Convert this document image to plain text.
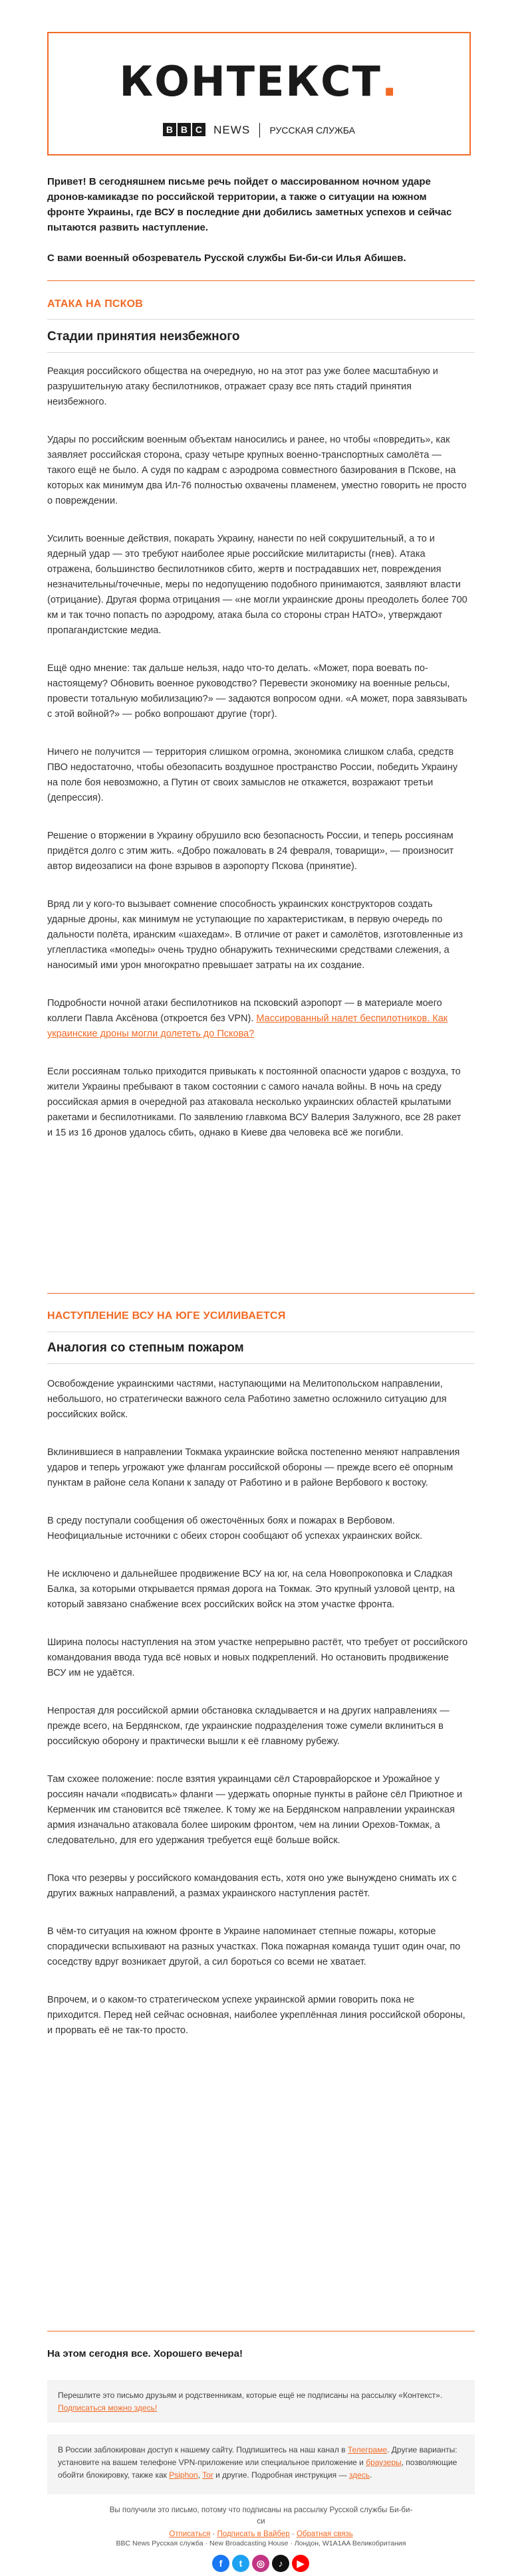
КОНТЕКСТ.
B B C NEWS РУССКАЯ СЛУЖБА

Привет! В сегодняшнем письме речь пойдет о массированном ночном ударе дронов-камикадзе по российской территории, а также о ситуации на южном фронте Украины, где ВСУ в последние дни добились заметных успехов и сейчас пытаются развить наступление.

С вами военный обозреватель Русской службы Би-би-си Илья Абишев.

АТАКА НА ПСКОВ
Стадии принятия неизбежного

Реакция российского общества на очередную, но на этот раз уже более масштабную и разрушительную атаку беспилотников, отражает сразу все пять стадий принятия неизбежного.

Удары по российским военным объектам наносились и ранее, но чтобы «повредить», как заявляет российская сторона, сразу четыре крупных военно-транспортных самолёта — такого ещё не было. А судя по кадрам с аэродрома совместного базирования в Пскове, на которых как минимум два Ил-76 полностью охвачены пламенем, уместно говорить не просто о повреждении.

Усилить военные действия, покарать Украину, нанести по ней сокрушительный, а то и ядерный удар — это требуют наиболее ярые российские милитаристы (гнев). Атака отражена, большинство беспилотников сбито, жертв и пострадавших нет, повреждения незначительны/точечные, меры по недопущению подобного принимаются, заявляют власти (отрицание). Другая форма отрицания — «не могли украинские дроны преодолеть более 700 км и так точно попасть по аэродрому, атака была со стороны стран НАТО», утверждают пропагандистские медиа.

Ещё одно мнение: так дальше нельзя, надо что-то делать. «Может, пора воевать по-настоящему? Обновить военное руководство? Перевести экономику на военные рельсы, провести тотальную мобилизацию?» — задаются вопросом одни. «А может, пора завязывать с этой войной?» — робко вопрошают другие (торг).

Ничего не получится — территория слишком огромна, экономика слишком слаба, средств ПВО недостаточно, чтобы обезопасить воздушное пространство России, победить Украину на поле боя невозможно, а Путин от своих замыслов не откажется, возражают третьи (депрессия).

Решение о вторжении в Украину обрушило всю безопасность России, и теперь россиянам придётся долго с этим жить. «Добро пожаловать в 24 февраля, товарищи», — произносит автор видеозаписи на фоне взрывов в аэропорту Пскова (принятие).

Вряд ли у кого-то вызывает сомнение способность украинских конструкторов создать ударные дроны, как минимум не уступающие по характеристикам, в первую очередь по дальности полёта, иранским «шахедам». В отличие от ракет и самолётов, изготовленные из углепластика «мопеды» очень трудно обнаружить техническими средствами слежения, а наносимый ими урон многократно превышает затраты на их создание.

Подробности ночной атаки беспилотников на псковский аэропорт — в материале моего коллеги Павла Аксёнова (откроется без VPN). Массированный налет беспилотников. Как украинские дроны могли долететь до Пскова?

Если россиянам только приходится привыкать к постоянной опасности ударов с воздуха, то жители Украины пребывают в таком состоянии с самого начала войны. В ночь на среду российская армия в очередной раз атаковала несколько украинских областей крылатыми ракетами и беспилотниками. По заявлению главкома ВСУ Валерия Залужного, все 28 ракет и 15 из 16 дронов удалось сбить, однако в Киеве два человека всё же погибли.

НАСТУПЛЕНИЕ ВСУ НА ЮГЕ УСИЛИВАЕТСЯ
Аналогия со степным пожаром

Освобождение украинскими частями, наступающими на Мелитопольском направлении, небольшого, но стратегически важного села Работино заметно осложнило ситуацию для российских войск.

Вклинившиеся в направлении Токмака украинские войска постепенно меняют направления ударов и теперь угрожают уже флангам российской обороны — прежде всего её опорным пунктам в районе села Копани к западу от Работино и в районе Вербового к востоку.

В среду поступали сообщения об ожесточённых боях и пожарах в Вербовом. Неофициальные источники с обеих сторон сообщают об успехах украинских войск.

Не исключено и дальнейшее продвижение ВСУ на юг, на села Новопрокоповка и Сладкая Балка, за которыми открывается прямая дорога на Токмак. Это крупный узловой центр, на который завязано снабжение всех российских войск на этом участке фронта.

Ширина полосы наступления на этом участке непрерывно растёт, что требует от российского командования ввода туда всё новых и новых подкреплений. Но остановить продвижение ВСУ им не удаётся.

Непростая для российской армии обстановка складывается и на других направлениях — прежде всего, на Бердянском, где украинские подразделения тоже сумели вклиниться в российскую оборону и практически вышли к её главному рубежу.

Там схожее положение: после взятия украинцами сёл Староврайорское и Урожайное у россиян начали «подвисать» фланги — удержать опорные пункты в районе сёл Приютное и Керменчик им становится всё тяжелее. К тому же на Бердянском направлении украинская армия изначально атаковала более широким фронтом, чем на линии Орехов-Токмак, а следовательно, для его удержания требуется ещё больше войск.

Пока что резервы у российского командования есть, хотя оно уже вынуждено снимать их с других важных направлений, а размах украинского наступления растёт.

В чём-то ситуация на южном фронте в Украине напоминает степные пожары, которые спорадически вспыхивают на разных участках. Пока пожарная команда тушит один очаг, по соседству вдруг возникает другой, а сил бороться со всеми не хватает.

Впрочем, и о каком-то стратегическом успехе украинской армии говорить пока не приходится. Перед ней сейчас основная, наиболее укреплённая линия российской обороны, и прорвать её не так-то просто.

На этом сегодня все. Хорошего вечера!
Перешлите это письмо друзьям и родственникам, которые ещё не подписаны на рассылку «Контекст». Подписаться можно здесь!
В России заблокирован доступ к нашему сайту. Подпишитесь на наш канал в Телеграме. Другие варианты: установите на вашем телефоне VPN-приложение или специальное приложение и браузеры, позволяющие обойти блокировку, также как Psiphon, Tor и другие. Подробная инструкция — здесь.
Вы получили это письмо, потому что подписаны на рассылку Русской службы Би-би-си
Отписаться · Подписать в Вайбер · Обратная связь
BBC News Русская служба · New Broadcasting House · Лондон, W1A1AA Великобритания
f t ◎ ♪ ▶
